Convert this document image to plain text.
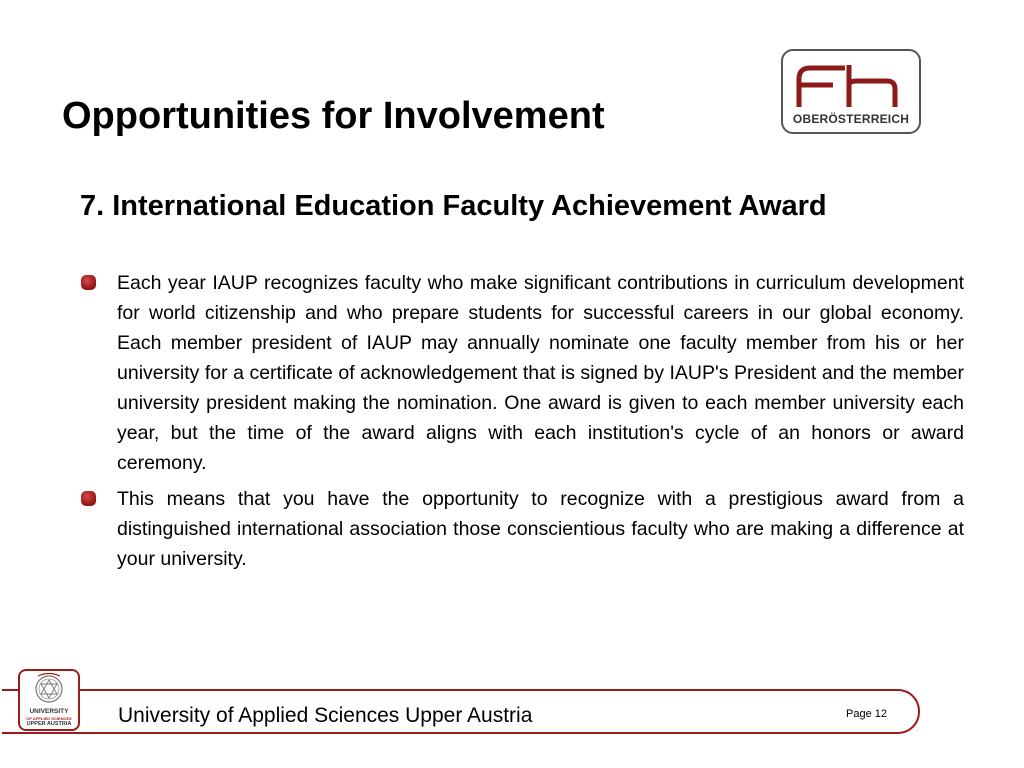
Opportunities for Involvement	OBERÖSTERREICH
7. International Education Faculty Achievement Award
Each year IAUP recognizes faculty who make significant contributions in curriculum development for world citizenship and who prepare students for successful careers in our global economy. Each member president of IAUP may annually nominate one faculty member from his or her university for a certificate of acknowledgement that is signed by IAUP's President and the member university president making the nomination. One award is given to each member university each year, but the time of the award aligns with each institution's cycle of an honors or award ceremony.
This means that you have the opportunity to recognize with a prestigious award from a distinguished international association those conscientious faculty who are making a difference at your university.
UNIVERSITY
OF APPLIED SCIENCES
UPPER AUSTRIA	University of Applied Sciences Upper Austria	Page 12
